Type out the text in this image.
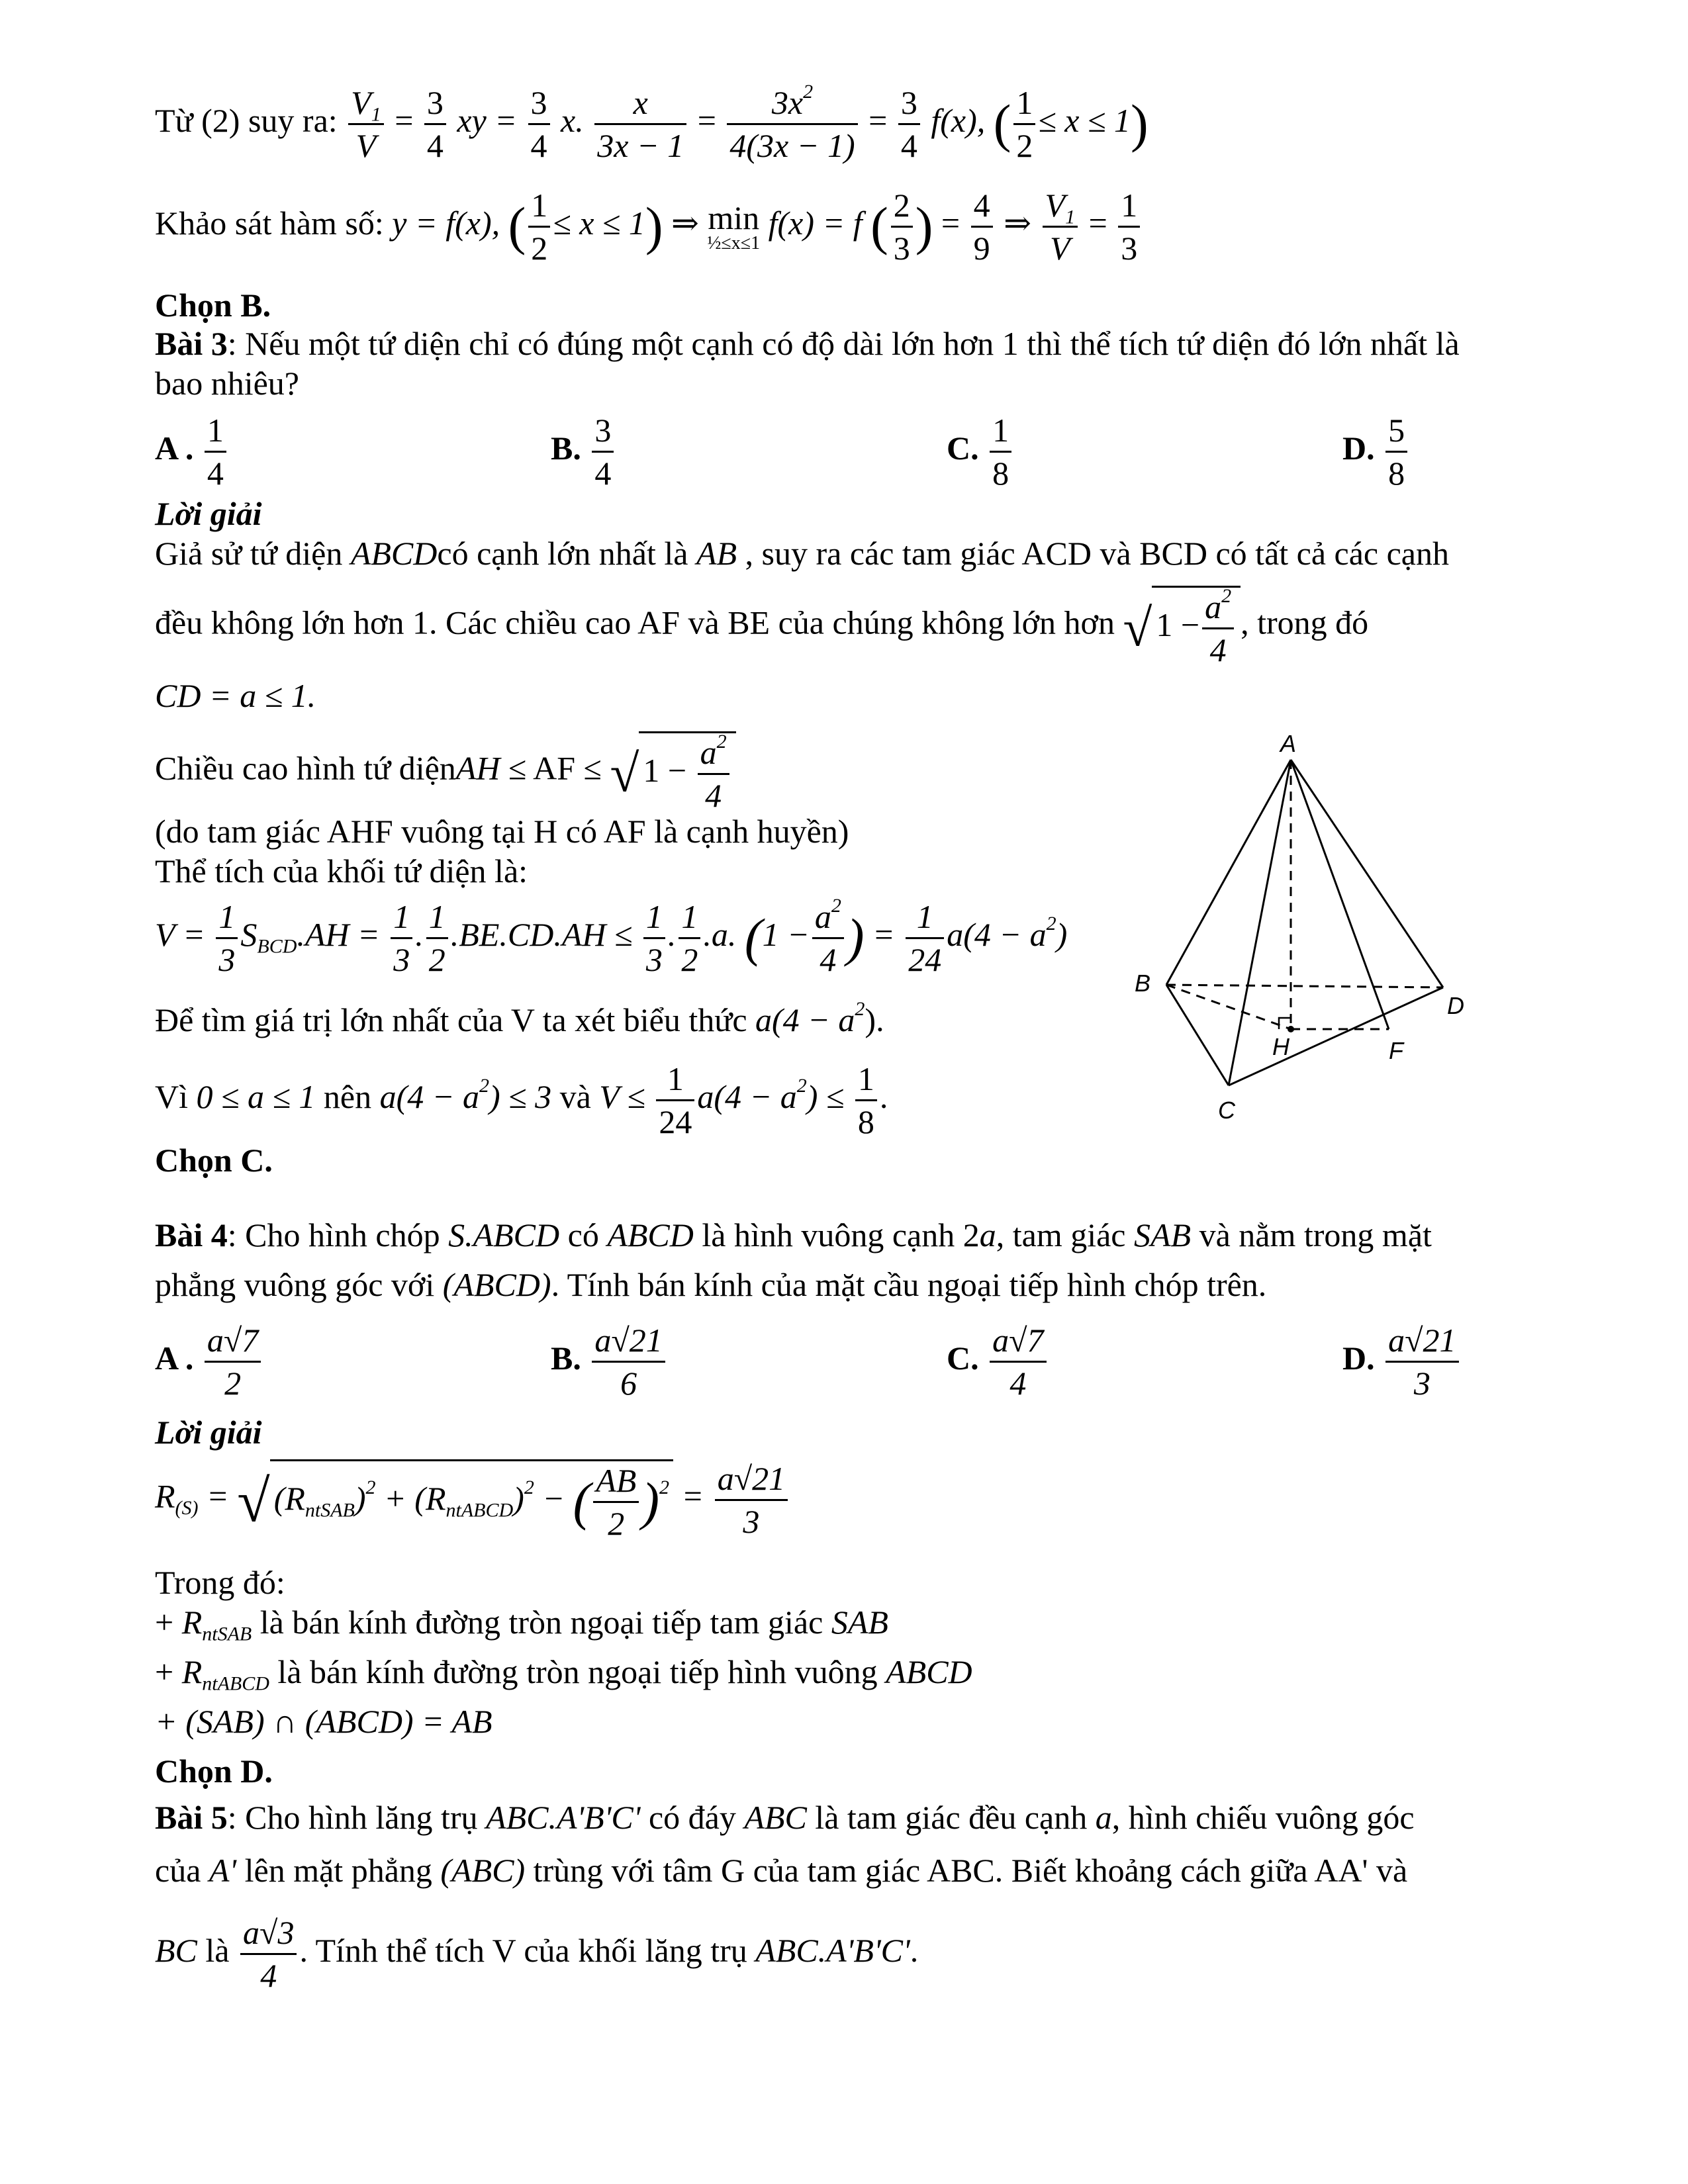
Từ (2) suy ra: $\frac{V_1}{V} = \frac{3}{4}$ xy = $\frac{3}{4} x$. $\frac{x}{3x - 1} = \frac{3x^2}{4(3x - 1)} = \frac{3}{4} f(x)$, ( $\frac{1}{2} \le x \le 1$)
Khảo sát hàm số: y = f(x), ( $\frac{1}{2} \le x \le 1$) ⇒ min
½≤x≤1
f(x) = f ( $\frac{2}{3}$ ) = $\frac{4}{9}$ ⇒ $\frac{V_1}{V} = \frac{1}{3}$
Chọn B.
Bài 3: Nếu một tứ diện chỉ có đúng một cạnh có độ dài lớn hơn 1 thì thể tích tứ diện đó lớn nhất là
bao nhiêu?
A . $\frac{1}{4}$	B. $\frac{3}{4}$	C. $\frac{1}{8}$	D. $\frac{5}{8}$
Lời giải
Giả sử tứ diện ABCDcó cạnh lớn nhất là AB , suy ra các tam giác ACD và BCD có tất cả các cạnh
đều không lớn hơn 1. Các chiều cao AF và BE của chúng không lớn hơn √ $1 - \frac{a^2}{4}$ , trong đó
CD = a ≤ 1.
Chiều cao hình tứ diệnAH ≤ AF ≤ √ $1 - \frac{a^2}{4}$
(do tam giác AHF vuông tại H có AF là cạnh huyền)
Thể tích của khối tứ diện là:
$V = \frac{1}{3} S_{BCD}.AH = \frac{1}{3}$ . $\frac{1}{2} .BE.CD.AH \le \frac{1}{3}$ . $\frac{1}{2} .a$. ($1 - \frac{a^2}{4}$ ) = $\frac{1}{24} a(4 - a^2)$
Để tìm giá trị lớn nhất của V ta xét biểu thức $a(4 - a^2)$.
Vì 0 ≤ a ≤ 1 nên $a(4 - a^2) \le 3$ và $V \le \frac{1}{24} a(4 - a^2) \le \frac{1}{8}$ .
Chọn C.
A
B
C
D
F
H
Bài 4: Cho hình chóp S.ABCD có ABCD là hình vuông cạnh 2a, tam giác SAB và nằm trong mặt
phẳng vuông góc với (ABCD). Tính bán kính của mặt cầu ngoại tiếp hình chóp trên.
A . $\frac{a√7}{2}$	B. $\frac{a√21}{6}$	C. $\frac{a√7}{4}$	D. $\frac{a√21}{3}$
Lời giải
$R_{(S)}$ = √ $(R_{ntSAB})^2 + (R_{ntABCD})^2$ − ( $\frac{AB}{2} )^2 = \frac{a√21}{3}$
Trong đó:
+ $R_{ntSAB}$ là bán kính đường tròn ngoại tiếp tam giác SAB
+ $R_{ntABCD}$ là bán kính đường tròn ngoại tiếp hình vuông ABCD
+ (SAB) ∩ (ABCD) = AB
Chọn D.
Bài 5: Cho hình lăng trụ ABC.A'B'C' có đáy ABC là tam giác đều cạnh a, hình chiếu vuông góc
của A' lên mặt phẳng (ABC) trùng với tâm G của tam giác ABC. Biết khoảng cách giữa AA' và
BC là $\frac{a√3}{4}$ . Tính thể tích V của khối lăng trụ ABC.A'B'C'.
